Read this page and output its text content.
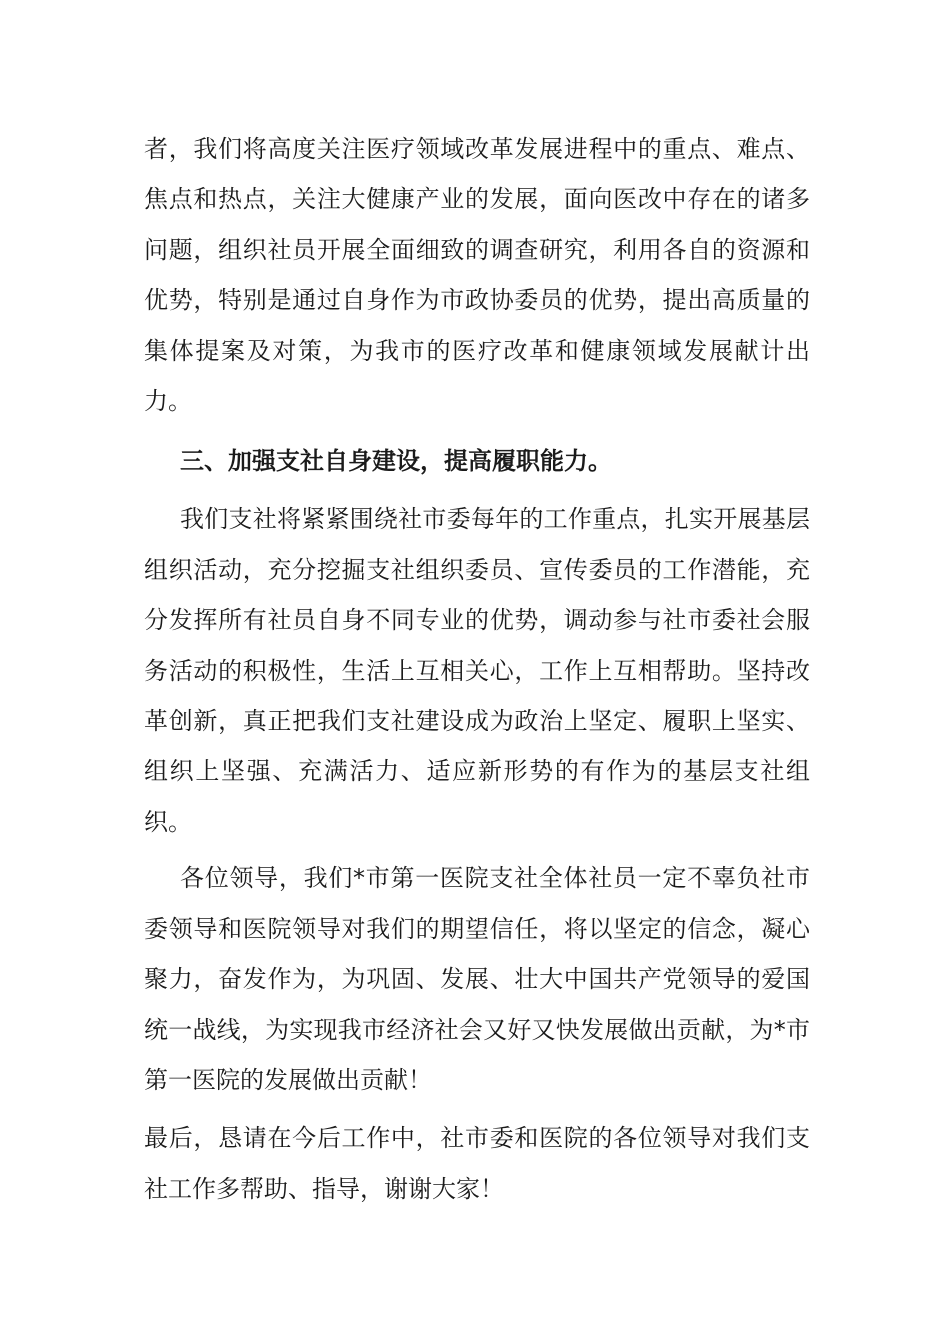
者，我们将高度关注医疗领域改革发展进程中的重点、难点、焦点和热点，关注大健康产业的发展，面向医改中存在的诸多问题，组织社员开展全面细致的调查研究，利用各自的资源和优势，特别是通过自身作为市政协委员的优势，提出高质量的集体提案及对策，为我市的医疗改革和健康领域发展献计出力。

三、加强支社自身建设，提高履职能力。

我们支社将紧紧围绕社市委每年的工作重点，扎实开展基层组织活动，充分挖掘支社组织委员、宣传委员的工作潜能，充分发挥所有社员自身不同专业的优势，调动参与社市委社会服务活动的积极性，生活上互相关心，工作上互相帮助。坚持改革创新，真正把我们支社建设成为政治上坚定、履职上坚实、组织上坚强、充满活力、适应新形势的有作为的基层支社组织。

各位领导，我们*市第一医院支社全体社员一定不辜负社市委领导和医院领导对我们的期望信任，将以坚定的信念，凝心聚力，奋发作为，为巩固、发展、壮大中国共产党领导的爱国统一战线，为实现我市经济社会又好又快发展做出贡献，为*市第一医院的发展做出贡献！

最后，恳请在今后工作中，社市委和医院的各位领导对我们支社工作多帮助、指导，谢谢大家！
